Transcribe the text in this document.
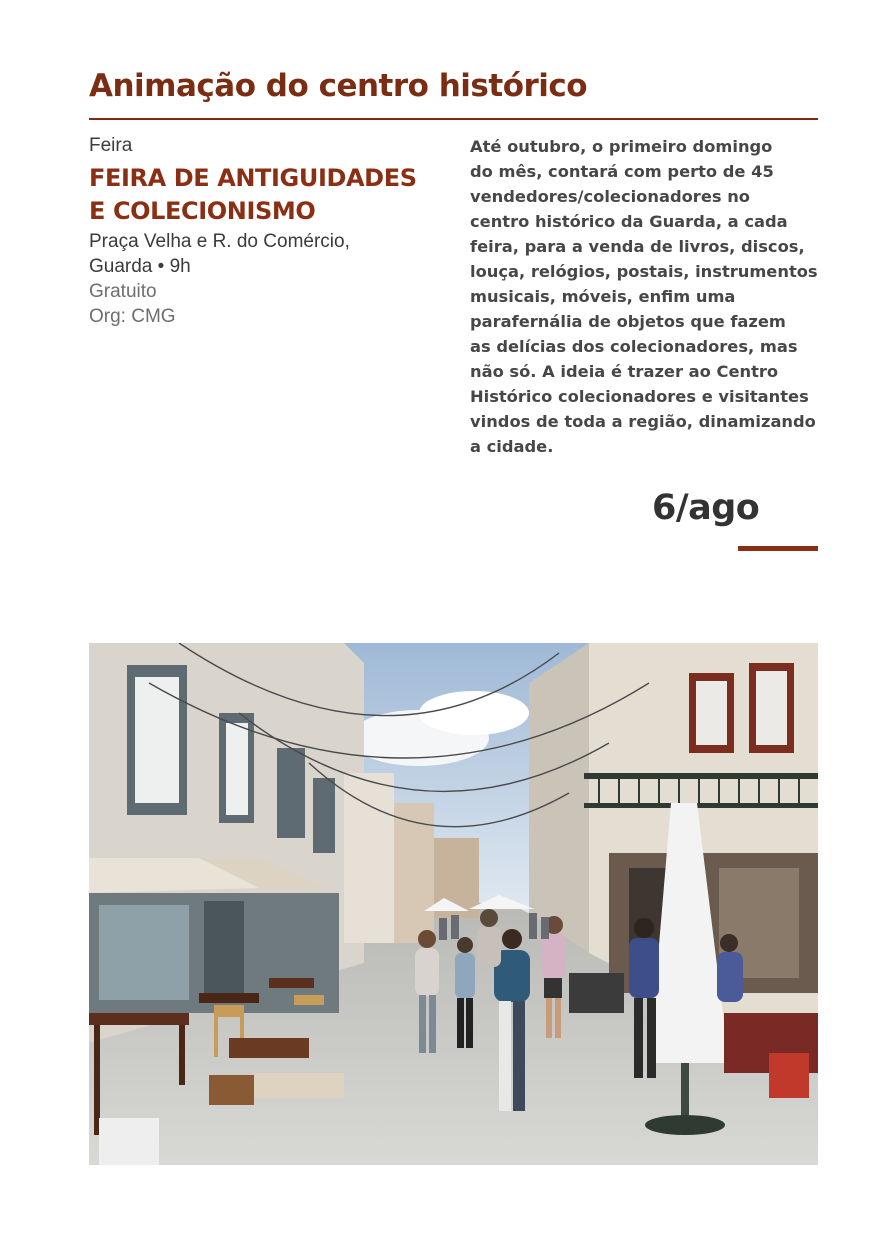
Animação do centro histórico
Feira
FEIRA DE ANTIGUIDADES
E COLECIONISMO
Praça Velha e R. do Comércio,
Guarda • 9h
Gratuito
Org: CMG
Até outubro, o primeiro domingo
do mês, contará com perto de 45
vendedores/colecionadores no
centro histórico da Guarda, a cada
feira, para a venda de livros, discos,
louça, relógios, postais, instrumentos
musicais, móveis, enfim uma
parafernália de objetos que fazem
as delícias dos colecionadores, mas
não só. A ideia é trazer ao Centro
Histórico colecionadores e visitantes
vindos de toda a região, dinamizando
a cidade.
6/ago
